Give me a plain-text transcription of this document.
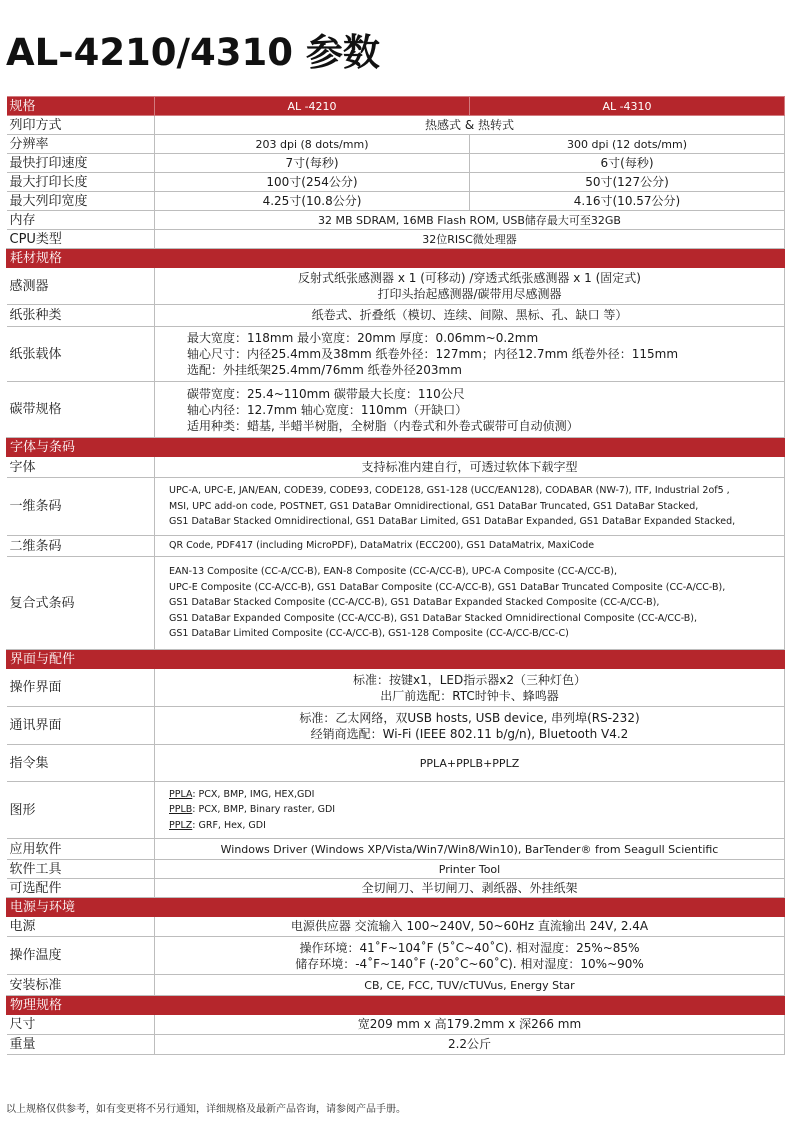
AL-4210/4310 参数
规格	AL -4210	AL -4310
列印方式	热感式 & 热转式	
分辨率	203 dpi (8 dots/mm)	300 dpi (12 dots/mm)
最快打印速度	7寸(每秒)	6寸(每秒)
最大打印长度	100寸(254公分)	50寸(127公分)
最大列印宽度	4.25寸(10.8公分)	4.16寸(10.57公分)
内存	32 MB SDRAM, 16MB Flash ROM, USB储存最大可至32GB	
CPU类型	32位RISC微处理器	
耗材规格		
感测器	反射式纸张感测器 x 1 (可移动) /穿透式纸张感测器 x 1 (固定式)
打印头抬起感测器/碳带用尽感测器	

纸张种类	纸卷式、折叠纸（模切、连续、间隙、黑标、孔、缺口 等）	
纸张载体	最大宽度：118mm 最小宽度：20mm 厚度：0.06mm~0.2mm
轴心尺寸：内径25.4mm及38mm 纸卷外径：127mm；内径12.7mm 纸卷外径：115mm
选配：外挂纸架25.4mm/76mm 纸卷外径203mm	

碳带规格	碳带宽度：25.4~110mm 碳带最大长度：110公尺
轴心内径：12.7mm 轴心宽度：110mm（开缺口）
适用种类：蜡基, 半蜡半树脂，全树脂（内卷式和外卷式碳带可自动侦测）	

字体与条码		
字体	支持标准内建自行，可透过软体下载字型	
一维条码	UPC-A, UPC-E, JAN/EAN, CODE39, CODE93, CODE128, GS1-128 (UCC/EAN128), CODABAR (NW-7), ITF, Industrial 2of5 ,
MSI, UPC add-on code, POSTNET, GS1 DataBar Omnidirectional, GS1 DataBar Truncated, GS1 DataBar Stacked,
GS1 DataBar Stacked Omnidirectional, GS1 DataBar Limited, GS1 DataBar Expanded, GS1 DataBar Expanded Stacked,	

二维条码	QR Code, PDF417 (including MicroPDF), DataMatrix (ECC200), GS1 DataMatrix, MaxiCode	

复合式条码	EAN-13 Composite (CC-A/CC-B), EAN-8 Composite (CC-A/CC-B), UPC-A Composite (CC-A/CC-B),
UPC-E Composite (CC-A/CC-B), GS1 DataBar Composite (CC-A/CC-B), GS1 DataBar Truncated Composite (CC-A/CC-B),
GS1 DataBar Stacked Composite (CC-A/CC-B), GS1 DataBar Expanded Stacked Composite (CC-A/CC-B),
GS1 DataBar Expanded Composite (CC-A/CC-B), GS1 DataBar Stacked Omnidirectional Composite (CC-A/CC-B),
GS1 DataBar Limited Composite (CC-A/CC-B), GS1-128 Composite (CC-A/CC-B/CC-C)	

界面与配件		
操作界面	标准：按键x1，LED指示器x2（三种灯色）
出厂前选配：RTC时钟卡、蜂鸣器	

通讯界面	标准：乙太网络，双USB hosts, USB device, 串列埠(RS-232)
经销商选配：Wi-Fi (IEEE 802.11 b/g/n), Bluetooth V4.2	

指令集	PPLA+PPLB+PPLZ	
图形	PPLA: PCX, BMP, IMG, HEX,GDI
PPLB: PCX, BMP, Binary raster, GDI
PPLZ: GRF, Hex, GDI	

应用软件	Windows Driver (Windows XP/Vista/Win7/Win8/Win10), BarTender® from Seagull Scientific	
软件工具	Printer Tool	
可选配件	全切闸刀、半切闸刀、剥纸器、外挂纸架	
电源与环境		
电源	电源供应器 交流输入 100~240V, 50~60Hz 直流输出 24V, 2.4A	
操作温度	操作环境：41˚F~104˚F (5˚C~40˚C). 相对湿度：25%~85%
储存环境：-4˚F~140˚F (-20˚C~60˚C). 相对湿度：10%~90%	

安装标准	CB, CE, FCC, TUV/cTUVus, Energy Star	
物理规格		
尺寸	宽209 mm x 高179.2mm x 深266 mm	
重量	2.2公斤	
以上规格仅供参考，如有变更将不另行通知，详细规格及最新产品咨询，请参阅产品手册。
